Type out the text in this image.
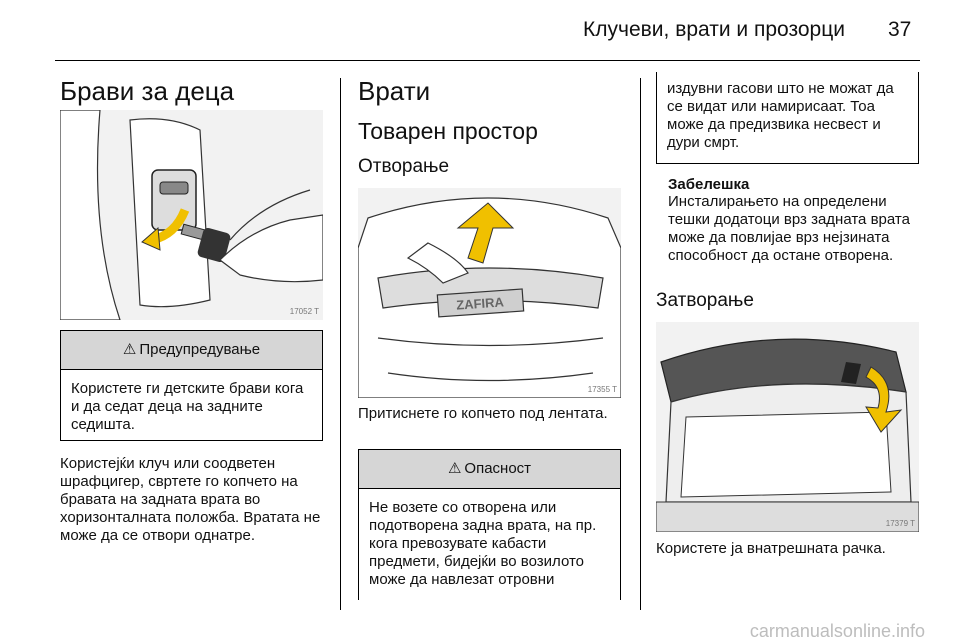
Клучеви, врати и прозорци 37
Брави за деца
17052 T
⚠ Предупредување
Користете ги детските брави кога и да седат деца на задните седишта.
Користејќи клуч или соодветен шрафцигер, свртете го копчето на бравата на задната врата во хоризонталната положба. Вратата не може да се отвори однатре.
Врати
Товарен простор
Отворање
ZAFIRA
17355 T
Притиснете го копчето под лентата.
⚠ Опасност
Не возете со отворена или подотворена задна врата, на пр. кога превозувате кабасти предмети, бидејќи во возилото може да навлезат отровни
издувни гасови што не можат да се видат или намирисаат. Тоа може да предизвика несвест и дури смрт.
Забелешка
Инсталирањето на определени тешки додатоци врз задната врата може да повлијае врз нејзината способност да остане отворена.
Затворање
17379 T
Користете ја внатрешната рачка.
carmanualsonline.info
